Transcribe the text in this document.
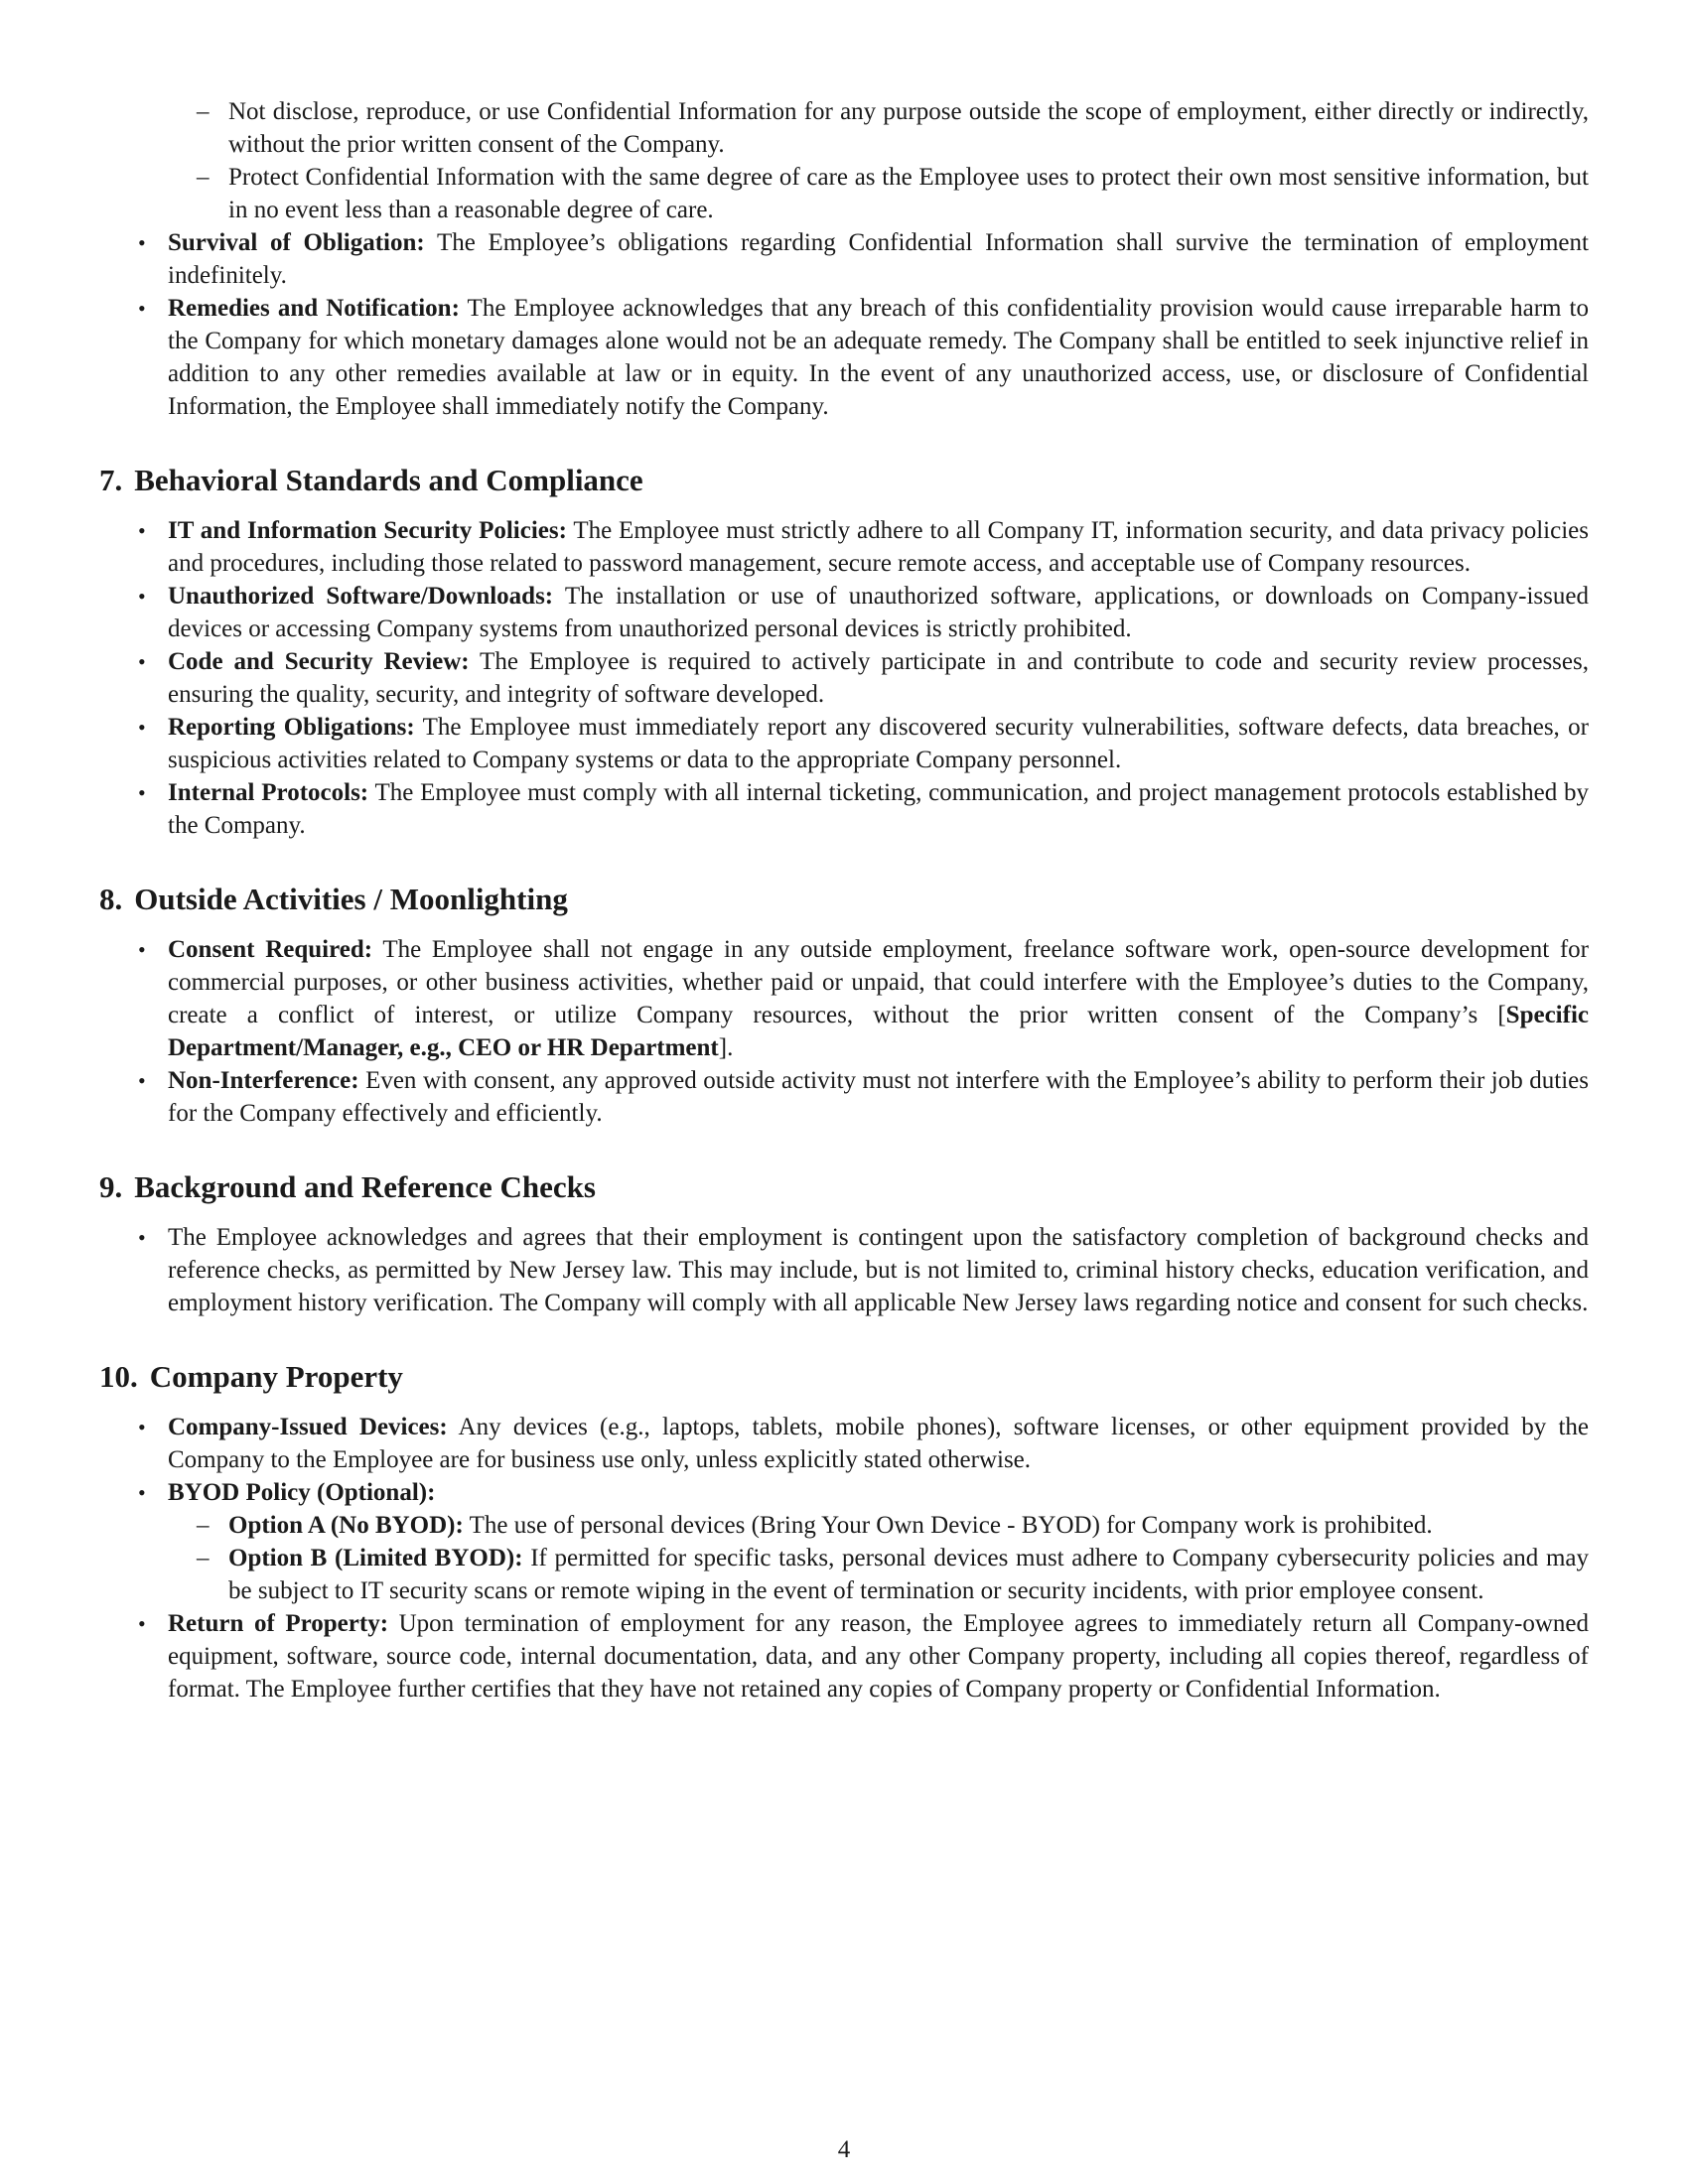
– Not disclose, reproduce, or use Confidential Information for any purpose outside the scope of employment, either directly or indirectly, without the prior written consent of the Company.
– Protect Confidential Information with the same degree of care as the Employee uses to protect their own most sensitive information, but in no event less than a reasonable degree of care.
• Survival of Obligation: The Employee’s obligations regarding Confidential Information shall survive the termination of employment indefinitely.
• Remedies and Notification: The Employee acknowledges that any breach of this confidentiality provision would cause irreparable harm to the Company for which monetary damages alone would not be an adequate remedy. The Company shall be entitled to seek injunctive relief in addition to any other remedies available at law or in equity. In the event of any unauthorized access, use, or disclosure of Confidential Information, the Employee shall immediately notify the Company.
7. Behavioral Standards and Compliance
• IT and Information Security Policies: The Employee must strictly adhere to all Company IT, information security, and data privacy policies and procedures, including those related to password management, secure remote access, and acceptable use of Company resources.
• Unauthorized Software/Downloads: The installation or use of unauthorized software, applications, or downloads on Company-issued devices or accessing Company systems from unauthorized personal devices is strictly prohibited.
• Code and Security Review: The Employee is required to actively participate in and contribute to code and security review processes, ensuring the quality, security, and integrity of software developed.
• Reporting Obligations: The Employee must immediately report any discovered security vulnerabilities, software defects, data breaches, or suspicious activities related to Company systems or data to the appropriate Company personnel.
• Internal Protocols: The Employee must comply with all internal ticketing, communication, and project management protocols established by the Company.
8. Outside Activities / Moonlighting
• Consent Required: The Employee shall not engage in any outside employment, freelance software work, open-source development for commercial purposes, or other business activities, whether paid or unpaid, that could interfere with the Employee’s duties to the Company, create a conflict of interest, or utilize Company resources, without the prior written consent of the Company’s [Specific Department/Manager, e.g., CEO or HR Department].
• Non-Interference: Even with consent, any approved outside activity must not interfere with the Employee’s ability to perform their job duties for the Company effectively and efficiently.
9. Background and Reference Checks
• The Employee acknowledges and agrees that their employment is contingent upon the satisfactory completion of background checks and reference checks, as permitted by New Jersey law. This may include, but is not limited to, criminal history checks, education verification, and employment history verification. The Company will comply with all applicable New Jersey laws regarding notice and consent for such checks.
10. Company Property
• Company-Issued Devices: Any devices (e.g., laptops, tablets, mobile phones), software licenses, or other equipment provided by the Company to the Employee are for business use only, unless explicitly stated otherwise.
• BYOD Policy (Optional):
– Option A (No BYOD): The use of personal devices (Bring Your Own Device - BYOD) for Company work is prohibited.
– Option B (Limited BYOD): If permitted for specific tasks, personal devices must adhere to Company cybersecurity policies and may be subject to IT security scans or remote wiping in the event of termination or security incidents, with prior employee consent.
• Return of Property: Upon termination of employment for any reason, the Employee agrees to immediately return all Company-owned equipment, software, source code, internal documentation, data, and any other Company property, including all copies thereof, regardless of format. The Employee further certifies that they have not retained any copies of Company property or Confidential Information.
4
